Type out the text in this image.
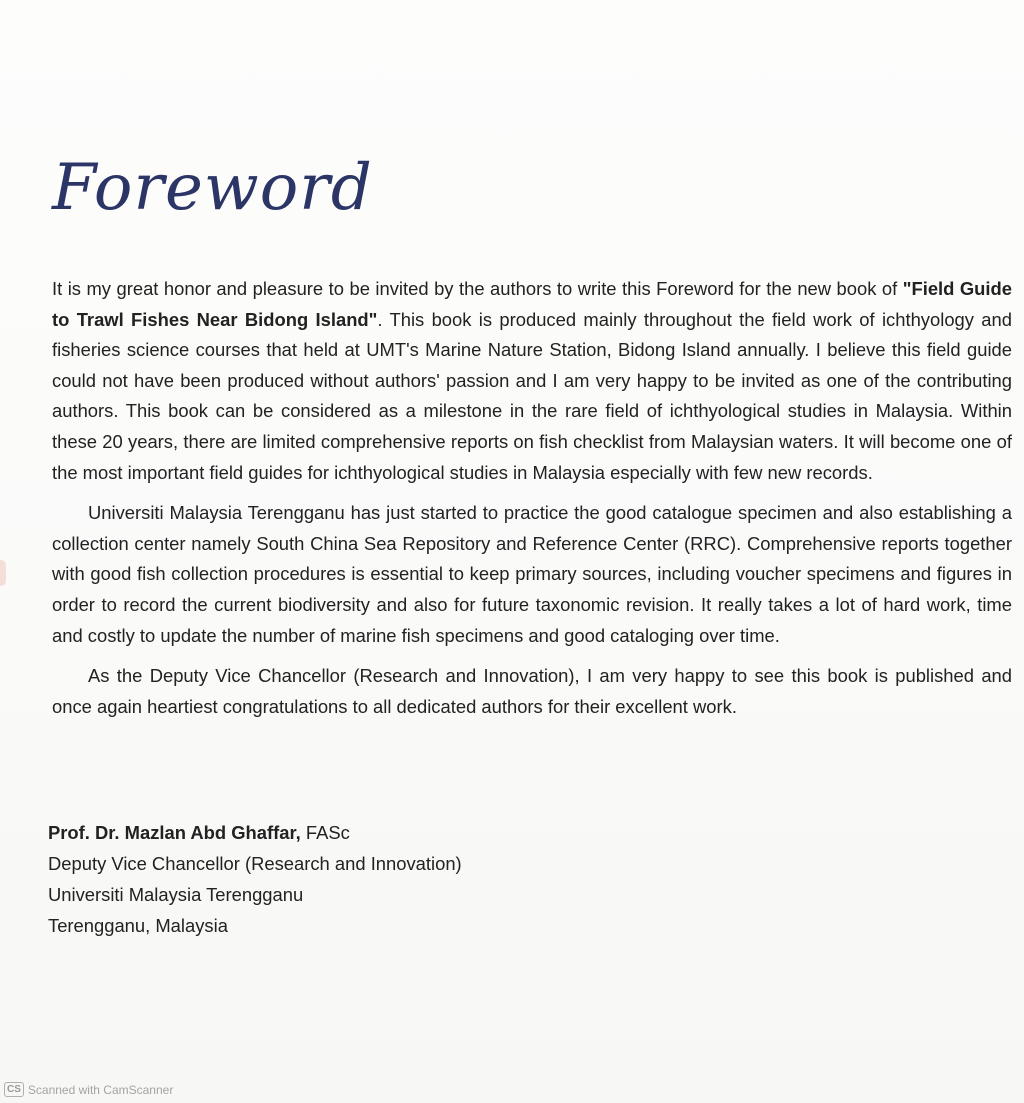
Foreword

It is my great honor and pleasure to be invited by the authors to write this Foreword for the new book of "Field Guide to Trawl Fishes Near Bidong Island". This book is produced mainly throughout the field work of ichthyology and fisheries science courses that held at UMT's Marine Nature Station, Bidong Island annually. I believe this field guide could not have been produced without authors' passion and I am very happy to be invited as one of the contributing authors. This book can be considered as a milestone in the rare field of ichthyological studies in Malaysia. Within these 20 years, there are limited comprehensive reports on fish checklist from Malaysian waters. It will become one of the most important field guides for ichthyological studies in Malaysia especially with few new records.

Universiti Malaysia Terengganu has just started to practice the good catalogue specimen and also establishing a collection center namely South China Sea Repository and Reference Center (RRC). Comprehensive reports together with good fish collection procedures is essential to keep primary sources, including voucher specimens and figures in order to record the current biodiversity and also for future taxonomic revision. It really takes a lot of hard work, time and costly to update the number of marine fish specimens and good cataloging over time.

As the Deputy Vice Chancellor (Research and Innovation), I am very happy to see this book is published and once again heartiest congratulations to all dedicated authors for their excellent work.

Prof. Dr. Mazlan Abd Ghaffar, FASc
Deputy Vice Chancellor (Research and Innovation)
Universiti Malaysia Terengganu
Terengganu, Malaysia
CS Scanned with CamScanner
